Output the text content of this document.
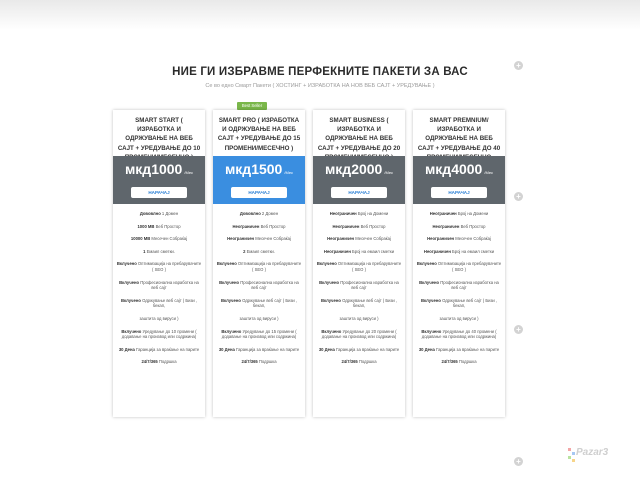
НИЕ ГИ ИЗБРАВМЕ ПЕРФЕКНИТЕ ПАКЕТИ ЗА ВАС
Се во едно Смарт Пакети ( ХОСТИНГ + ИЗРАБОТКА НА НОВ ВЕБ САЈТ + УРЕДУВАЊЕ )
+
+
+
+
Best Seller
SMART START ( ИЗРАБОТКА И ОДРЖУВАЊЕ НА ВЕБ САЈТ + УРЕДУВАЊЕ ДО 10
мкд1000 /Мес
НАРАЧАЈ
Дововлно 1 Домен
1000 MB Веб Простор
10000 MB Месечен Собраќај
1 Емаил сметки.
Вклучено Оптимизација на пребарувачите ( SEO )
Вклучено Професионална изработка на веб сајт
Вклучено Одржување веб сајт ( Бизи , бекап,
заштита од вируси )
Вклучено Уредување до 10 промени ( додавање на производ или содржина)
30 Дена Гаранција за враќање на парите
24/7/365 Подршка
SMART PRO ( ИЗРАБОТКА И ОДРЖУВАЊЕ НА ВЕБ САЈТ + УРЕДУВАЊЕ ДО 15 ПРОМЕНИ/МЕСЕЧНО )
мкд1500 /Мес
НАРАЧАЈ
Дововлно 2 Домен
Неограничен Веб Простор
Неограничен Месечен Собраќај
2 Емаил сметки.
Вклучено Оптимизација на пребарувачите ( SEO )
Вклучено Професионална изработка на веб сајт
Вклучено Одржување веб сајт ( Бизи , бекап,
заштита од вируси )
Вклучено Уредување до 15 промени ( додавање на производ или содржина)
30 Дена Гаранција за враќање на парите
24/7/365 Подршка
SMART BUSINESS ( ИЗРАБОТКА И ОДРЖУВАЊЕ НА ВЕБ САЈТ + УРЕДУВАЊЕ ДО 20
мкд2000 /Мес
НАРАЧАЈ
Неограничен Број на Домени
Неограничен Веб Простор
Неограничен Месечен Собраќај
Неограничен Број на емаил сметки
Вклучено Оптимизација на пребарувачите ( SEO )
Вклучено Професионална изработка на веб сајт
Вклучено Одржување веб сајт ( Бизи , бекап,
заштита од вируси )
Вклучено Уредување до 20 промени ( додавање на производ или содржина)
30 Дена Гаранција за враќање на парите
24/7/365 Подршка
SMART PREMNIUM/ ИЗРАБОТКА И ОДРЖУВАЊЕ НА ВЕБ САЈТ + УРЕДУВАЊЕ ДО 40
мкд4000 /Мес
НАРАЧАЈ
Неограничен Број на Домени
Неограничен Веб Простор
Неограничен Месечен Собраќај
Неограничен Број на емаил сметки
Вклучено Оптимизација на пребарувачите ( SEO )
Вклучено Професионална изработка на веб сајт
Вклучено Одржување веб сајт ( Бизи , бекап,
заштита од вируси )
Вклучено Уредување до 40 промени ( додавање на производ или содржина)
30 Дена Гаранција за враќање на парите
24/7/365 Подршка
Pazar3
